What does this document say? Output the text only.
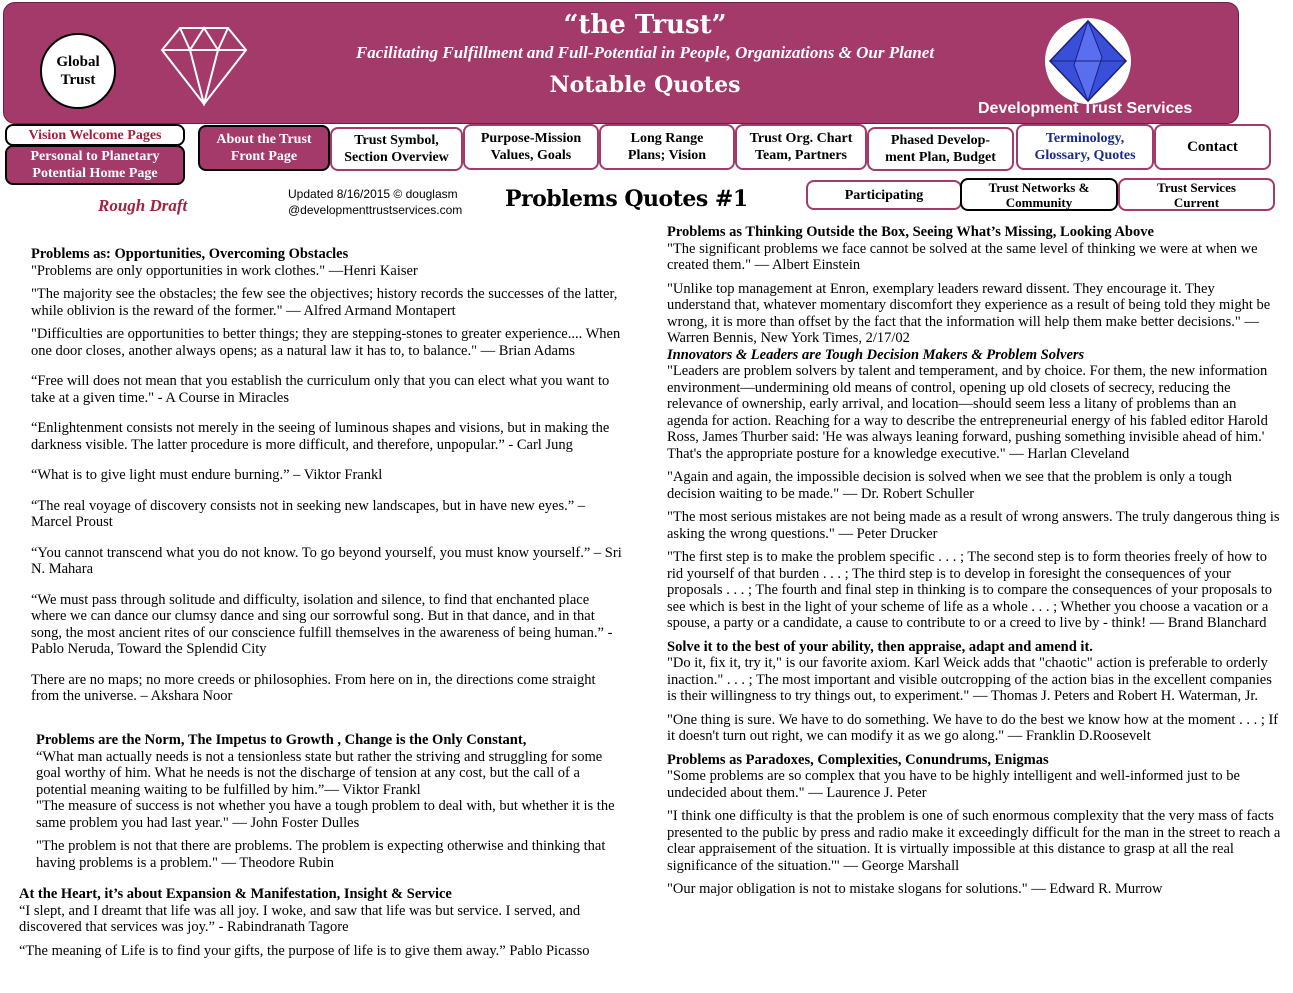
Global
Trust
“the Trust”
Facilitating Fulfillment and Full-Potential in People, Organizations & Our Planet
Notable Quotes
Development Trust Services
Vision Welcome Pages
Personal to Planetary
Potential Home Page
About the Trust
Front Page
Trust Symbol,
Section Overview
Purpose-Mission
Values, Goals
Long Range
Plans; Vision
Trust Org. Chart
Team, Partners
Phased Develop-
ment Plan, Budget
Terminology,
Glossary, Quotes
Contact
Participating
Trust Networks &
Community
Trust Services
Current
Rough Draft
Updated 8/16/2015 © douglasm
@developmenttrustservices.com Problems Quotes #1

Problems as: Opportunities, Overcoming Obstacles

"Problems are only opportunities in work clothes." —Henri Kaiser

"The majority see the obstacles; the few see the objectives; history records the successes of the latter, while oblivion is the reward of the former." — Alfred Armand Montapert

"Difficulties are opportunities to better things; they are stepping-stones to greater experience.... When one door closes, another always opens; as a natural law it has to, to balance." — Brian Adams

“Free will does not mean that you establish the curriculum only that you can elect what you want to take at a given time." - A Course in Miracles

“Enlightenment consists not merely in the seeing of luminous shapes and visions, but in making the darkness visible. The latter procedure is more difficult, and therefore, unpopular.” - Carl Jung

“What is to give light must endure burning.” – Viktor Frankl

“The real voyage of discovery consists not in seeking new landscapes, but in have new eyes.” – Marcel Proust

“You cannot transcend what you do not know. To go beyond yourself, you must know yourself.” – Sri N. Mahara

“We must pass through solitude and difficulty, isolation and silence, to find that enchanted place where we can dance our clumsy dance and sing our sorrowful song. But in that dance, and in that song, the most ancient rites of our conscience fulfill themselves in the awareness of being human.” - Pablo Neruda, Toward the Splendid City

There are no maps; no more creeds or philosophies. From here on in, the directions come straight from the universe. – Akshara Noor

Problems are the Norm, The Impetus to Growth , Change is the Only Constant,

“What man actually needs is not a tensionless state but rather the striving and struggling for some goal worthy of him. What he needs is not the discharge of tension at any cost, but the call of a potential meaning waiting to be fulfilled by him.”— Viktor Frankl

"The measure of success is not whether you have a tough problem to deal with, but whether it is the same problem you had last year." — John Foster Dulles

"The problem is not that there are problems. The problem is expecting otherwise and thinking that having problems is a problem." — Theodore Rubin

At the Heart, it’s about Expansion & Manifestation, Insight & Service

“I slept, and I dreamt that life was all joy. I woke, and saw that life was but service. I served, and discovered that services was joy.” - Rabindranath Tagore

“The meaning of Life is to find your gifts, the purpose of life is to give them away.” Pablo Picasso

Problems as Thinking Outside the Box, Seeing What’s Missing, Looking Above

"The significant problems we face cannot be solved at the same level of thinking we were at when we created them." — Albert Einstein

"Unlike top management at Enron, exemplary leaders reward dissent. They encourage it. They understand that, whatever momentary discomfort they experience as a result of being told they might be wrong, it is more than offset by the fact that the information will help them make better decisions." — Warren Bennis, New York Times, 2/17/02

Innovators & Leaders are Tough Decision Makers & Problem Solvers

"Leaders are problem solvers by talent and temperament, and by choice. For them, the new information environment—undermining old means of control, opening up old closets of secrecy, reducing the relevance of ownership, early arrival, and location—should seem less a litany of problems than an agenda for action. Reaching for a way to describe the entrepreneurial energy of his fabled editor Harold Ross, James Thurber said: 'He was always leaning forward, pushing something invisible ahead of him.' That's the appropriate posture for a knowledge executive." — Harlan Cleveland

"Again and again, the impossible decision is solved when we see that the problem is only a tough decision waiting to be made." — Dr. Robert Schuller

"The most serious mistakes are not being made as a result of wrong answers. The truly dangerous thing is asking the wrong questions." — Peter Drucker

"The first step is to make the problem specific . . . ; The second step is to form theories freely of how to rid yourself of that burden . . . ; The third step is to develop in foresight the consequences of your proposals . . . ; The fourth and final step in thinking is to compare the consequences of your proposals to see which is best in the light of your scheme of life as a whole . . . ; Whether you choose a vacation or a spouse, a party or a candidate, a cause to contribute to or a creed to live by - think! — Brand Blanchard

Solve it to the best of your ability, then appraise, adapt and amend it.

"Do it, fix it, try it," is our favorite axiom. Karl Weick adds that "chaotic" action is preferable to orderly inaction." . . . ; The most important and visible outcropping of the action bias in the excellent companies is their willingness to try things out, to experiment." — Thomas J. Peters and Robert H. Waterman, Jr.

"One thing is sure. We have to do something. We have to do the best we know how at the moment . . . ; If it doesn't turn out right, we can modify it as we go along." — Franklin D.Roosevelt

Problems as Paradoxes, Complexities, Conundrums, Enigmas

"Some problems are so complex that you have to be highly intelligent and well-informed just to be undecided about them." — Laurence J. Peter

"I think one difficulty is that the problem is one of such enormous complexity that the very mass of facts presented to the public by press and radio make it exceedingly difficult for the man in the street to reach a clear appraisement of the situation. It is virtually impossible at this distance to grasp at all the real significance of the situation.'" — George Marshall

"Our major obligation is not to mistake slogans for solutions." — Edward R. Murrow
